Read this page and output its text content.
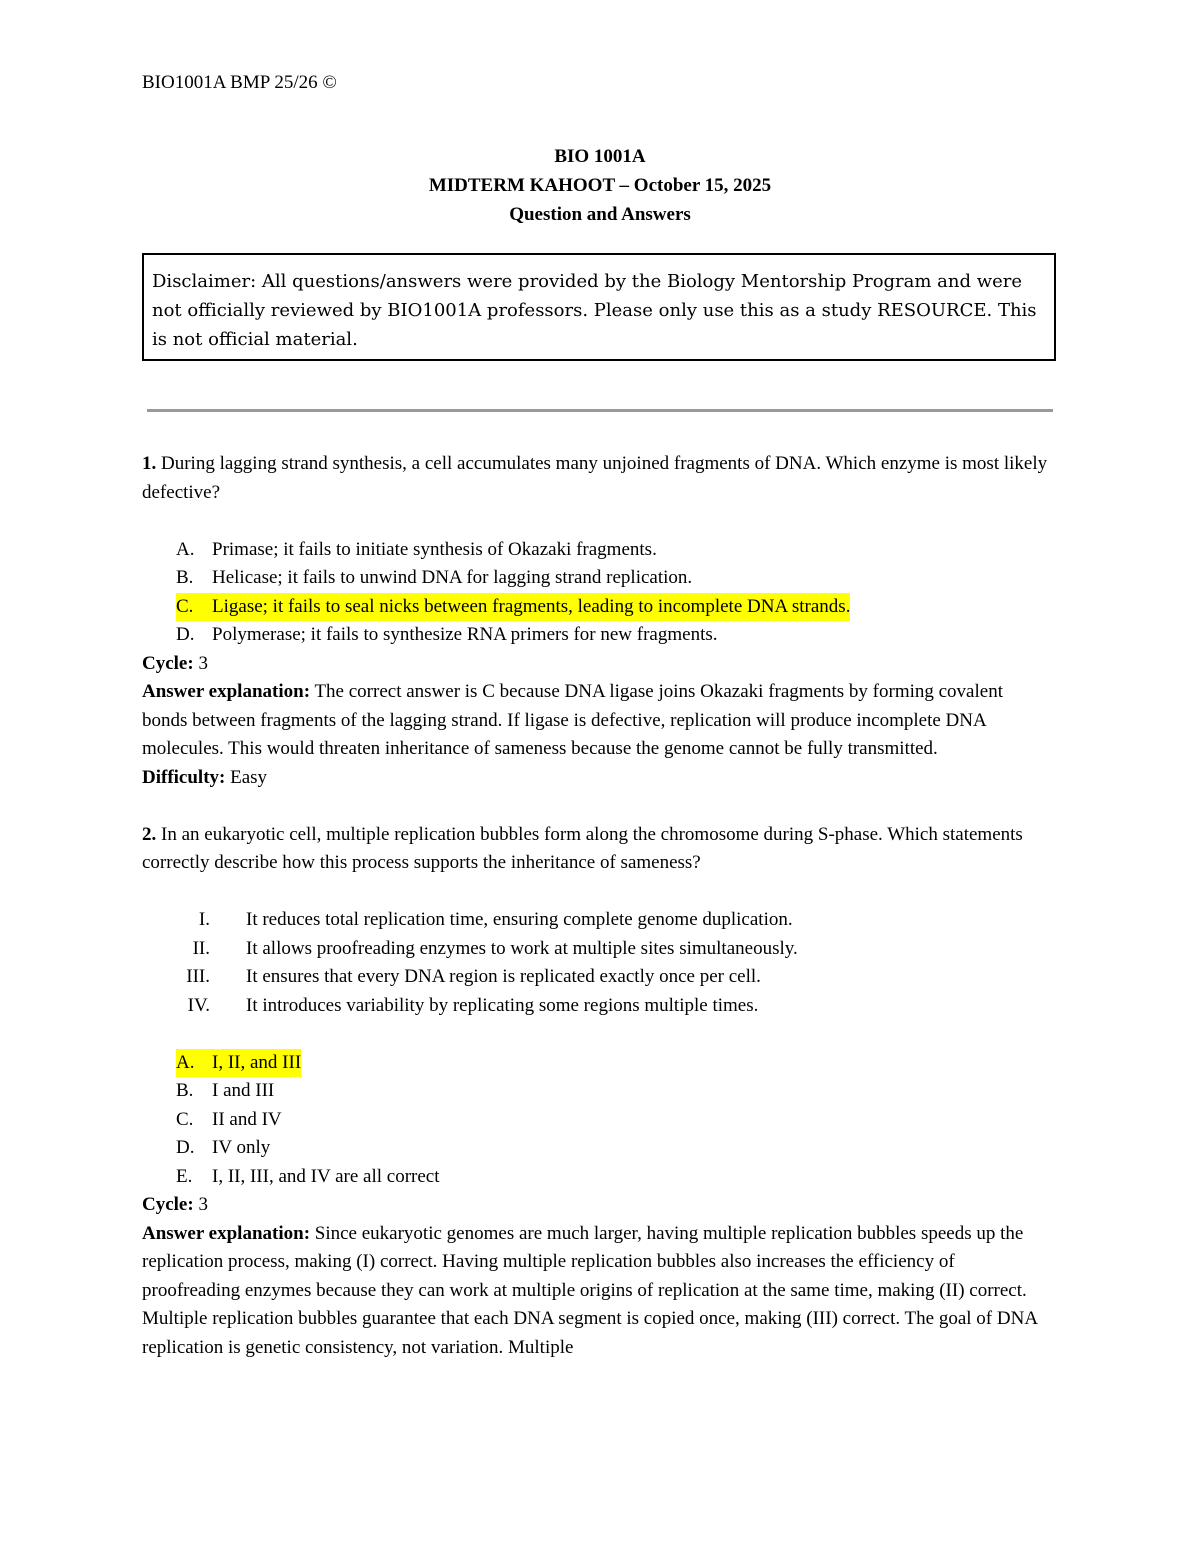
BIO1001A BMP 25/26 ©
BIO 1001A
MIDTERM KAHOOT – October 15, 2025
Question and Answers
Disclaimer: All questions/answers were provided by the Biology Mentorship Program and were not officially reviewed by BIO1001A professors. Please only use this as a study RESOURCE. This is not official material.

1. During lagging strand synthesis, a cell accumulates many unjoined fragments of DNA. Which enzyme is most likely defective?

A. Primase; it fails to initiate synthesis of Okazaki fragments.
B. Helicase; it fails to unwind DNA for lagging strand replication.
C. Ligase; it fails to seal nicks between fragments, leading to incomplete DNA strands.
D. Polymerase; it fails to synthesize RNA primers for new fragments.

Cycle: 3

Answer explanation: The correct answer is C because DNA ligase joins Okazaki fragments by forming covalent bonds between fragments of the lagging strand. If ligase is defective, replication will produce incomplete DNA molecules. This would threaten inheritance of sameness because the genome cannot be fully transmitted.

Difficulty: Easy

2. In an eukaryotic cell, multiple replication bubbles form along the chromosome during S-phase. Which statements correctly describe how this process supports the inheritance of sameness?

I.	It reduces total replication time, ensuring complete genome duplication.
II.	It allows proofreading enzymes to work at multiple sites simultaneously.
III.	It ensures that every DNA region is replicated exactly once per cell.
IV.	It introduces variability by replicating some regions multiple times.
A. I, II, and III
B. I and III
C. II and IV
D. IV only
E.	I, II, III, and IV are all correct

Cycle: 3

Answer explanation: Since eukaryotic genomes are much larger, having multiple replication bubbles speeds up the replication process, making (I) correct. Having multiple replication bubbles also increases the efficiency of proofreading enzymes because they can work at multiple origins of replication at the same time, making (II) correct. Multiple replication bubbles guarantee that each DNA segment is copied once, making (III) correct. The goal of DNA replication is genetic consistency, not variation. Multiple
